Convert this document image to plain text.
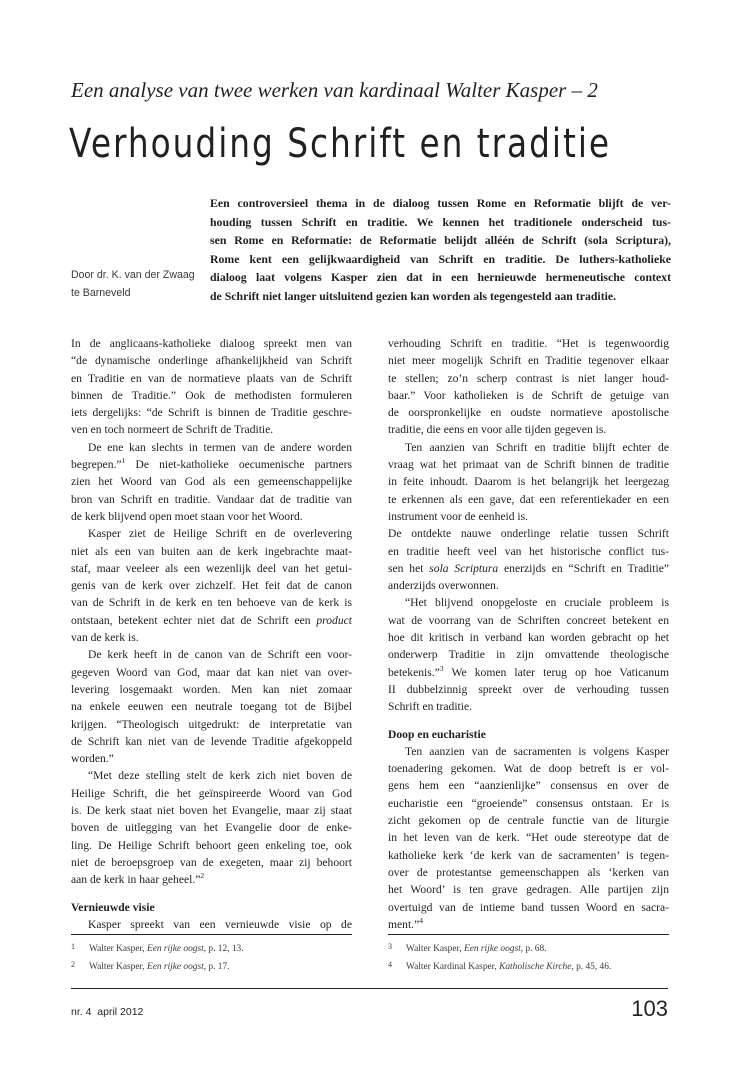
Een analyse van twee werken van kardinaal Walter Kasper – 2
Verhouding Schrift en traditie
Door dr. K. van der Zwaag
te Barneveld
Een controversieel thema in de dialoog tussen Rome en Reformatie blijft de ver-
houding tussen Schrift en traditie. We kennen het traditionele onderscheid tus-
sen Rome en Reformatie: de Reformatie belijdt alléén de Schrift (sola Scriptura),
Rome kent een gelijkwaardigheid van Schrift en traditie. De luthers-katholieke
dialoog laat volgens Kasper zien dat in een hernieuwde hermeneutische context
de Schrift niet langer uitsluitend gezien kan worden als tegengesteld aan traditie.
In de anglicaans-katholieke dialoog spreekt men van
“de dynamische onderlinge afhankelijkheid van Schrift
en Traditie en van de normatieve plaats van de Schrift
binnen de Traditie.” Ook de methodisten formuleren
iets dergelijks: “de Schrift is binnen de Traditie geschre-
ven en toch normeert de Schrift de Traditie.
De ene kan slechts in termen van de andere worden
begrepen.”$^1$ De niet-katholieke oecumenische partners
zien het Woord van God als een gemeenschappelijke
bron van Schrift en traditie. Vandaar dat de traditie van
de kerk blijvend open moet staan voor het Woord.
Kasper ziet de Heilige Schrift en de overlevering
niet als een van buiten aan de kerk ingebrachte maat-
staf, maar veeleer als een wezenlijk deel van het getui-
genis van de kerk over zichzelf. Het feit dat de canon
van de Schrift in de kerk en ten behoeve van de kerk is
ontstaan, betekent echter niet dat de Schrift een product
van de kerk is.
De kerk heeft in de canon van de Schrift een voor-
gegeven Woord van God, maar dat kan niet van over-
levering losgemaakt worden. Men kan niet zomaar
na enkele eeuwen een neutrale toegang tot de Bijbel
krijgen. “Theologisch uitgedrukt: de interpretatie van
de Schrift kan niet van de levende Traditie afgekoppeld
worden.”
“Met deze stelling stelt de kerk zich niet boven de
Heilige Schrift, die het geïnspireerde Woord van God
is. De kerk staat niet boven het Evangelie, maar zij staat
boven de uitlegging van het Evangelie door de enke-
ling. De Heilige Schrift behoort geen enkeling toe, ook
niet de beroepsgroep van de exegeten, maar zij behoort
aan de kerk in haar geheel.”$^2$
Vernieuwde visie
Kasper spreekt van een vernieuwde visie op de
verhouding Schrift en traditie. “Het is tegenwoordig
niet meer mogelijk Schrift en Traditie tegenover elkaar
te stellen; zo’n scherp contrast is niet langer houd-
baar.” Voor katholieken is de Schrift de getuige van
de oorspronkelijke en oudste normatieve apostolische
traditie, die eens en voor alle tijden gegeven is.
Ten aanzien van Schrift en traditie blijft echter de
vraag wat het primaat van de Schrift binnen de traditie
in feite inhoudt. Daarom is het belangrijk het leergezag
te erkennen als een gave, dat een referentiekader en een
instrument voor de eenheid is.
De ontdekte nauwe onderlinge relatie tussen Schrift
en traditie heeft veel van het historische conflict tus-
sen het sola Scriptura enerzijds en “Schrift en Traditie”
anderzijds overwonnen.
“Het blijvend onopgeloste en cruciale probleem is
wat de voorrang van de Schriften concreet betekent en
hoe dit kritisch in verband kan worden gebracht op het
onderwerp Traditie in zijn omvattende theologische
betekenis.”$^3$ We komen later terug op hoe Vaticanum
II dubbelzinnig spreekt over de verhouding tussen
Schrift en traditie.
Doop en eucharistie
Ten aanzien van de sacramenten is volgens Kasper
toenadering gekomen. Wat de doop betreft is er vol-
gens hem een “aanzienlijke” consensus en over de
eucharistie een “groeiende” consensus ontstaan. Er is
zicht gekomen op de centrale functie van de liturgie
in het leven van de kerk. “Het oude stereotype dat de
katholieke kerk ‘de kerk van de sacramenten’ is tegen-
over de protestantse gemeenschappen als ‘kerken van
het Woord’ is ten grave gedragen. Alle partijen zijn
overtuigd van de intieme band tussen Woord en sacra-
ment.”$^4$
1 Walter Kasper, Een rijke oogst, p. 12, 13.
2 Walter Kasper, Een rijke oogst, p. 17.
3 Walter Kasper, Een rijke oogst, p. 68.
4 Walter Kardinal Kasper, Katholische Kirche, p. 45, 46.
nr. 4  april 2012	103
